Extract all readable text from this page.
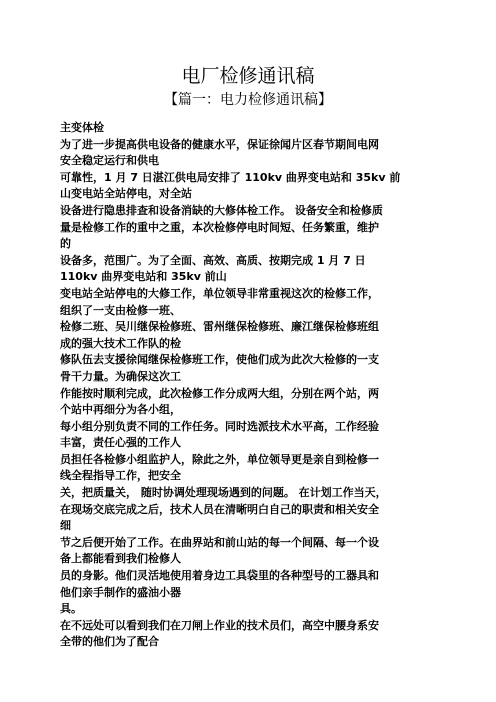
电厂检修通讯稿
【篇一：电力检修通讯稿】
主变体检
为了进一步提高供电设备的健康水平，保证徐闻片区春节期间电网
安全稳定运行和供电
可靠性，1 月 7 日湛江供电局安排了 110kv 曲界变电站和 35kv 前
山变电站全站停电，对全站
设备进行隐患排查和设备消缺的大修体检工作。 设备安全和检修质
量是检修工作的重中之重，本次检修停电时间短、任务繁重，维护
的
设备多，范围广。为了全面、高效、高质、按期完成 1 月 7 日
110kv 曲界变电站和 35kv 前山
变电站全站停电的大修工作，单位领导非常重视这次的检修工作，
组织了一支由检修一班、
检修二班、吴川继保检修班、雷州继保检修班、廉江继保检修班组
成的强大技术工作队的检
修队伍去支援徐闻继保检修班工作，使他们成为此次大检修的一支
骨干力量。为确保这次工
作能按时顺利完成，此次检修工作分成两大组，分别在两个站，两
个站中再细分为各小组，
每小组分别负责不同的工作任务。同时选派技术水平高，工作经验
丰富，责任心强的工作人
员担任各检修小组监护人，除此之外，单位领导更是亲自到检修一
线全程指导工作，把安全
关，把质量关， 随时协调处理现场遇到的问题。 在计划工作当天，
在现场交底完成之后，技术人员在清晰明白自己的职责和相关安全
细
节之后便开始了工作。在曲界站和前山站的每一个间隔、每一个设
备上都能看到我们检修人
员的身影。他们灵活地使用着身边工具袋里的各种型号的工器具和
他们亲手制作的盛油小器
具。
在不远处可以看到我们在刀闸上作业的技术员们，高空中腰身系安
全带的他们为了配合
